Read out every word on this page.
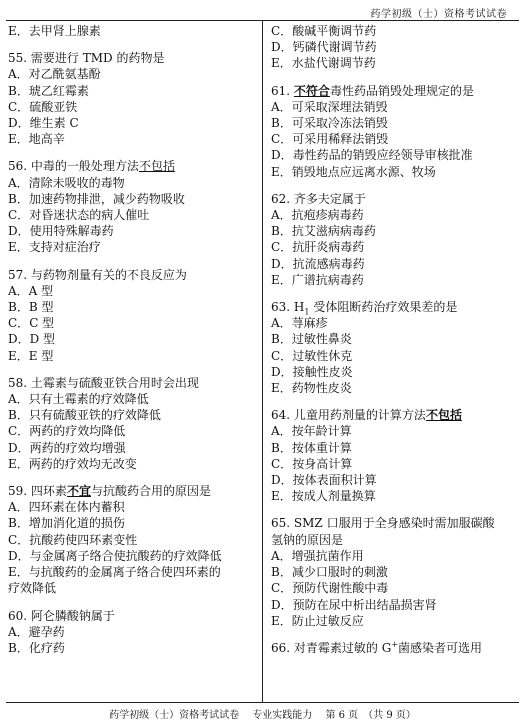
药学初级（士）资格考试试卷
E．去甲肾上腺素
55. 需要进行 TMD 的药物是
A．对乙酰氨基酚
B．琥乙红霉素
C．硫酸亚铁
D．维生素 C
E．地高辛
56. 中毒的一般处理方法不包括
A．清除未吸收的毒物
B．加速药物排泄，减少药物吸收
C．对昏迷状态的病人催吐
D．使用特殊解毒药
E．支持对症治疗
57. 与药物剂量有关的不良反应为
A．A 型
B．B 型
C．C 型
D．D 型
E．E 型
58. 土霉素与硫酸亚铁合用时会出现
A．只有土霉素的疗效降低
B．只有硫酸亚铁的疗效降低
C．两药的疗效均降低
D．两药的疗效均增强
E．两药的疗效均无改变
59. 四环素不宜与抗酸药合用的原因是
A．四环素在体内蓄积
B．增加消化道的损伤
C．抗酸药使四环素变性
D．与金属离子络合使抗酸药的疗效降低
E．与抗酸药的金属离子络合使四环素的
疗效降低
60. 阿仑膦酸钠属于
A．避孕药
B．化疗药
C．酸碱平衡调节药
D．钙磷代谢调节药
E．水盐代谢调节药
61. 不符合毒性药品销毁处理规定的是
A．可采取深埋法销毁
B．可采取冷冻法销毁
C．可采用稀释法销毁
D．毒性药品的销毁应经领导审核批准
E．销毁地点应远离水源、牧场
62. 齐多夫定属于
A．抗疱疹病毒药
B．抗艾滋病病毒药
C．抗肝炎病毒药
D．抗流感病毒药
E．广谱抗病毒药
63. $H_1$ 受体阻断药治疗效果差的是
A．荨麻疹
B．过敏性鼻炎
C．过敏性休克
D．接触性皮炎
E．药物性皮炎
64. 儿童用药剂量的计算方法不包括
A．按年龄计算
B．按体重计算
C．按身高计算
D．按体表面积计算
E．按成人剂量换算
65. SMZ 口服用于全身感染时需加服碳酸
氢钠的原因是
A．增强抗菌作用
B．减少口服时的刺激
C．预防代谢性酸中毒
D．预防在尿中析出结晶损害肾
E．防止过敏反应
66. 对青霉素过敏的 G+菌感染者可选用
药学初级（士）资格考试试卷　 专业实践能力　 第 6 页　（共 9 页）
